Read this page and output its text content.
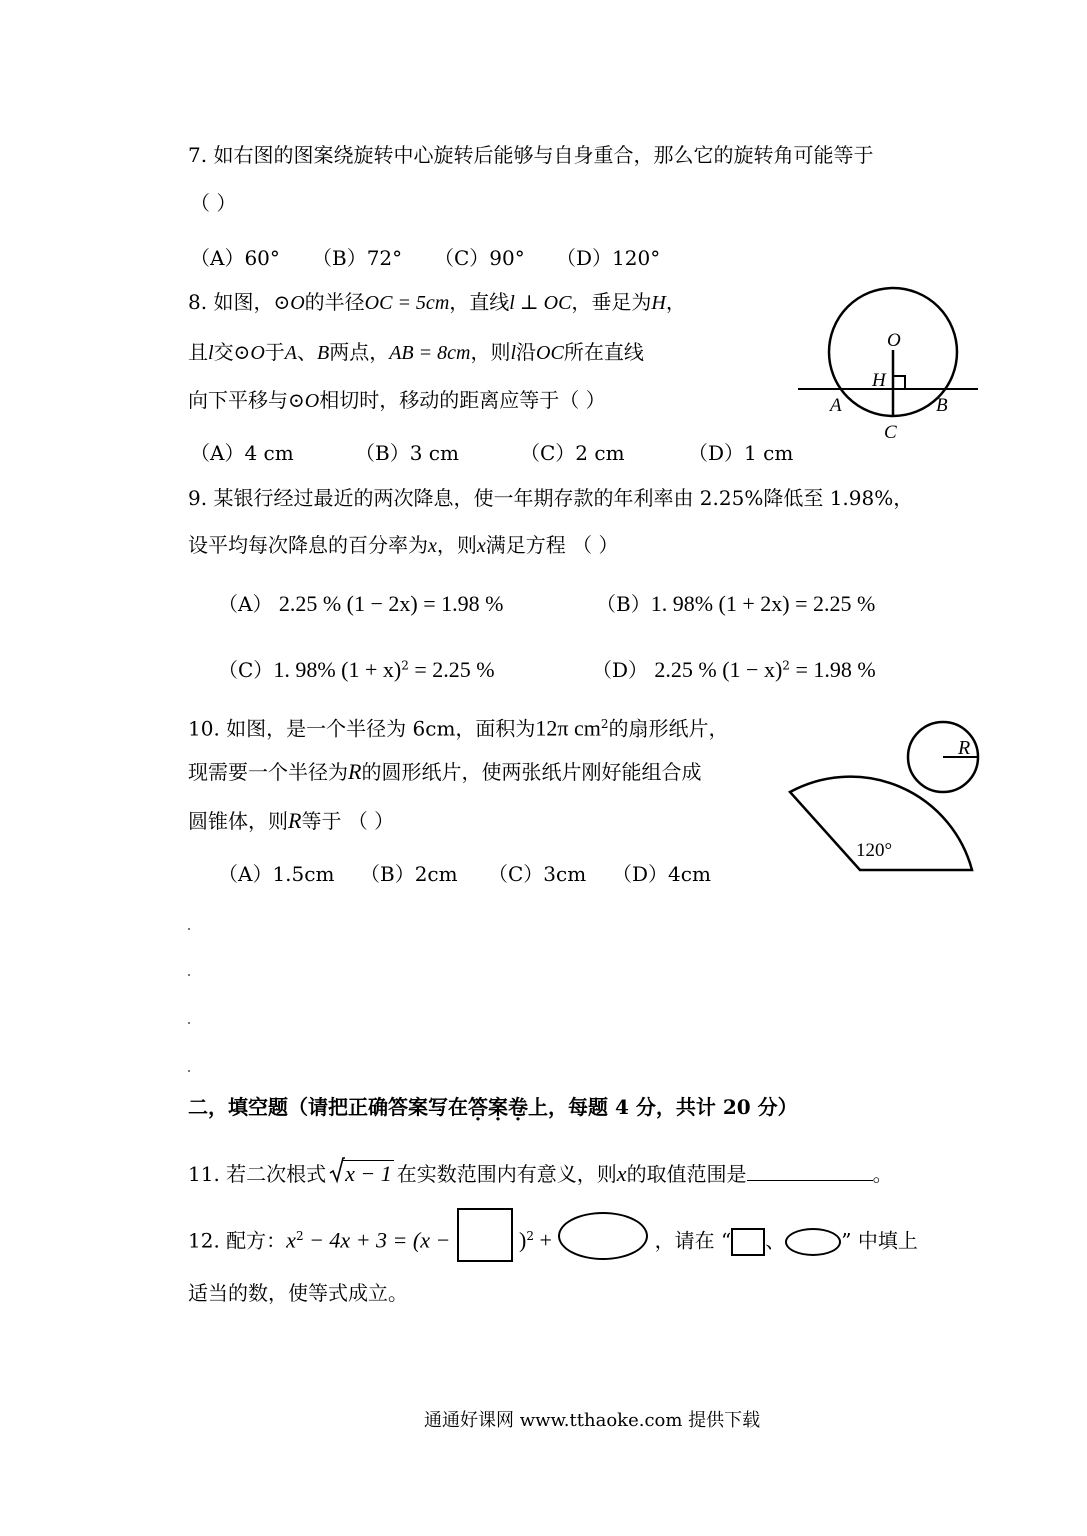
7. 如右图的图案绕旋转中心旋转后能够与自身重合，那么它的旋转角可能等于
（ ）
（A）60° （B）72° （C）90° （D）120°
8. 如图，⊙O的半径OC = 5cm，直线l ⊥ OC，垂足为H，
且l交⊙O于A、B两点，AB = 8cm，则l沿OC所在直线
向下平移与⊙O相切时，移动的距离应等于（ ）
（A）4 cm	（B）3 cm	（C）2 cm	（D）1 cm
O
H
A	B
C
9. 某银行经过最近的两次降息，使一年期存款的年利率由 2.25%降低至 1.98%，
设平均每次降息的百分率为x，则x满足方程 （ ）
（A） 2.25 % (1 − 2x) = 1.98 %	（B）1. 98% (1 + 2x) = 2.25 %
（C）1. 98% $(1 + x)^2 = 2.25$ %	（D） 2.25 % $(1 - x)^2 = 1.98$ %
10. 如图，是一个半径为 6cm，面积为12π $cm^2$的扇形纸片，
现需要一个半径为R的圆形纸片，使两张纸片刚好能组合成
圆锥体，则R等于 （ ）
（A）1.5cm （B）2cm （C）3cm （D）4cm
R
120°
二，填空题（请把正确答案写在答案卷上，每题 4 分，共计 20 分）
11. 若二次根式 x − 1 在实数范围内有意义，则x的取值范围是	。
12. 配方：$x^2 - 4x + 3 = (x$ −	)$^2$ +	，请在 “ 、	” 中填上
适当的数，使等式成立。
通通好课网 www.tthaoke.com 提供下载
